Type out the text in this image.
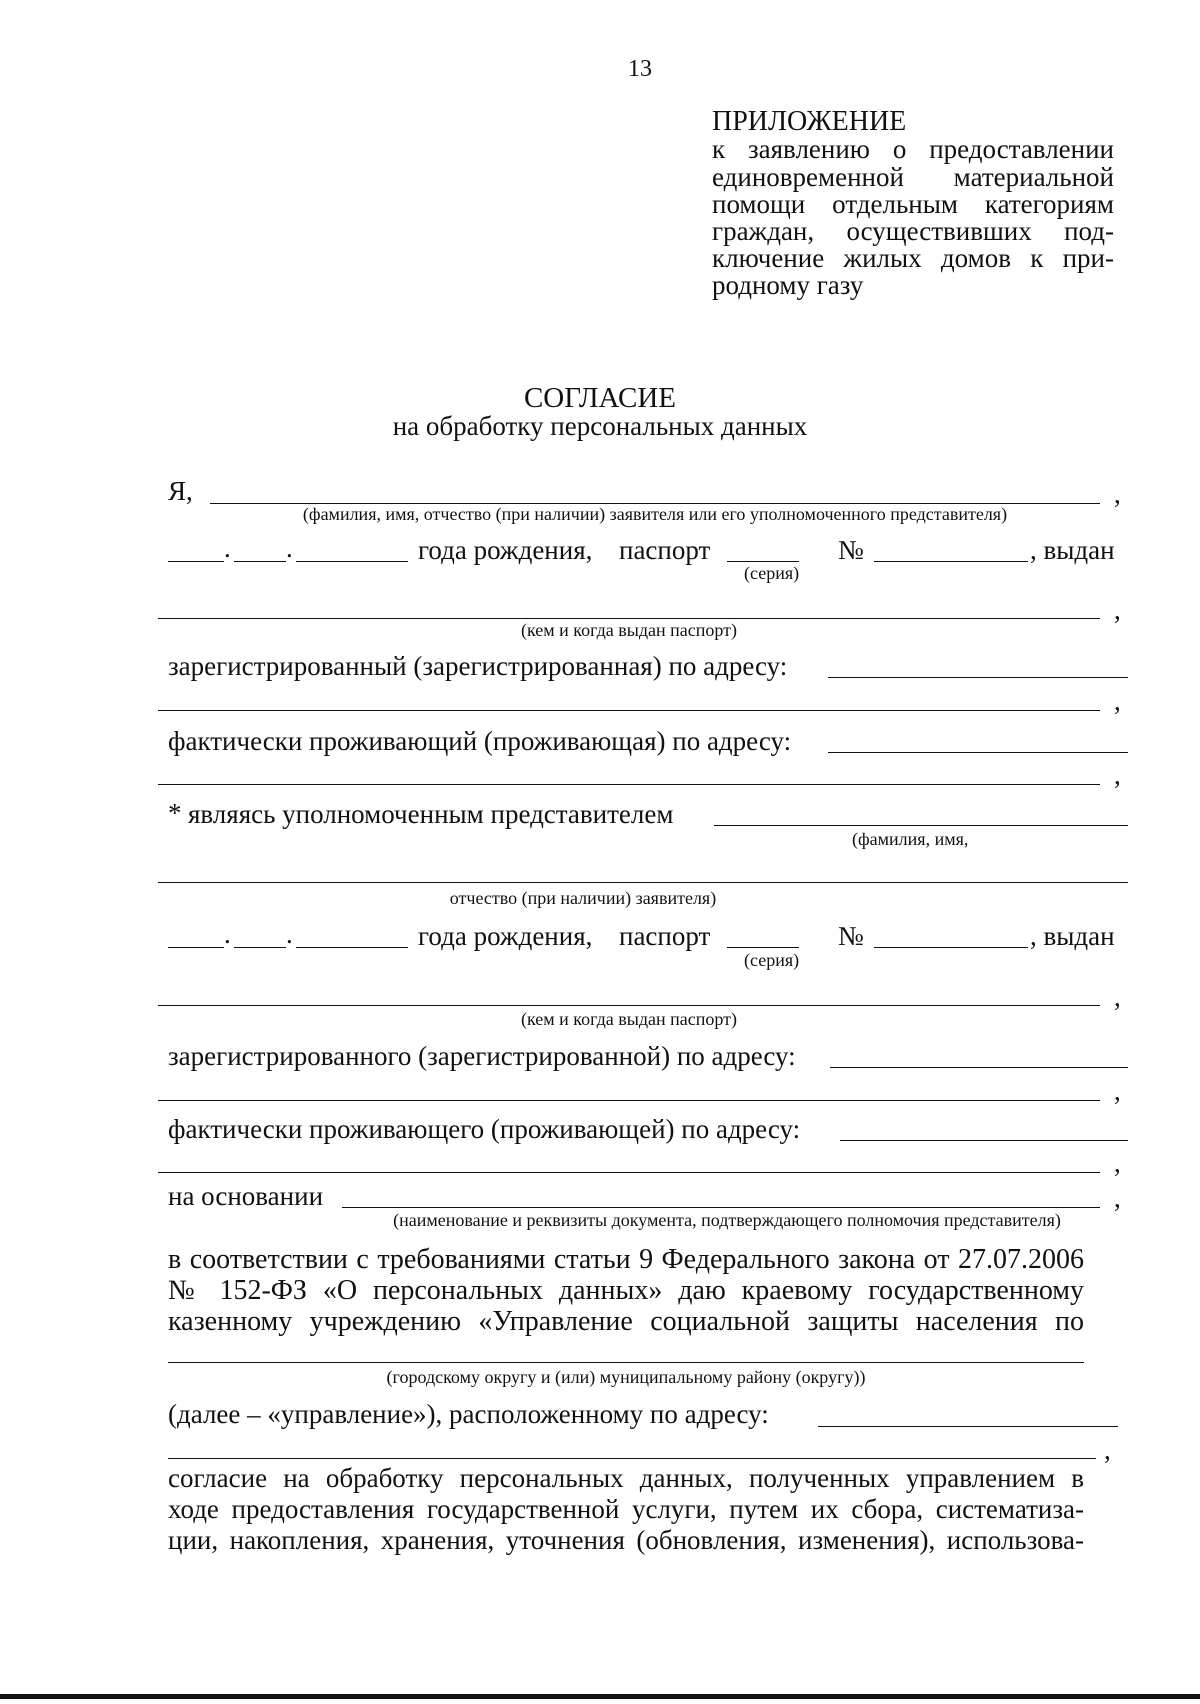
13
ПРИЛОЖЕНИЕ
к заявлению о предоставлении
единовременной материальной
помощи отдельным категориям
граждан, осуществивших под-
ключение жилых домов к при-
родному газу
СОГЛАСИЕ
на обработку персональных данных
Я,	,
(фамилия, имя, отчество (при наличии) заявителя или его уполномоченного представителя)
. .	года рождения, паспорт
(серия)
№	, выдан
,
(кем и когда выдан паспорт)
зарегистрированный (зарегистрированная) по адресу:
,
фактически проживающий (проживающая) по адресу:
,
* являясь уполномоченным представителем
(фамилия, имя,
отчество (при наличии) заявителя)
. .	года рождения, паспорт
(серия)
№	, выдан
,
(кем и когда выдан паспорт)
зарегистрированного (зарегистрированной) по адресу:
,
фактически проживающего (проживающей) по адресу:
,
на основании	,
(наименование и реквизиты документа, подтверждающего полномочия представителя)
в соответствии с требованиями статьи 9 Федерального закона от 27.07.2006
№ 152-ФЗ «О персональных данных» даю краевому государственному
казенному учреждению «Управление социальной защиты населения по
(городскому округу и (или) муниципальному району (округу))
(далее – «управление»), расположенному по адресу:
,
согласие на обработку персональных данных, полученных управлением в
ходе предоставления государственной услуги, путем их сбора, систематиза-
ции, накопления, хранения, уточнения (обновления, изменения), использова-
